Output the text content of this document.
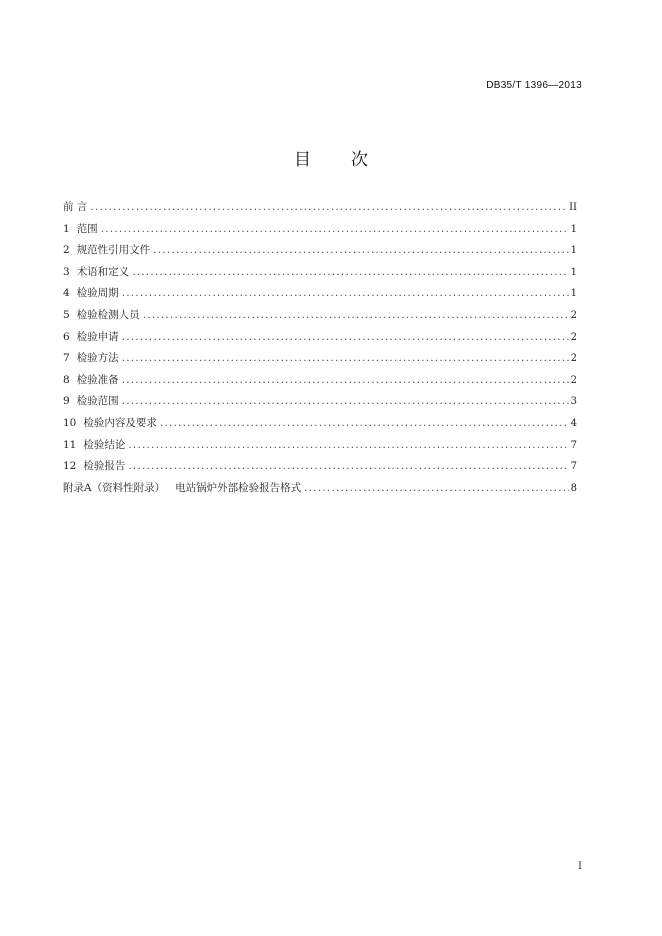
DB35/T 1396—2013
目 次
前 言 .....	II
1 范围 .....	1
2 规范性引用文件 .....	1
3 术语和定义 .....	1
4 检验周期 .....	1
5 检验检测人员 .....	2
6 检验申请 .....	2
7 检验方法 .....	2
8 检验准备 .....	2
9 检验范围 .....	3
10 检验内容及要求 .....	4
11 检验结论 .....	7
12 检验报告 .....	7
附录A（资料性附录）   电站锅炉外部检验报告格式 .....	8
I
